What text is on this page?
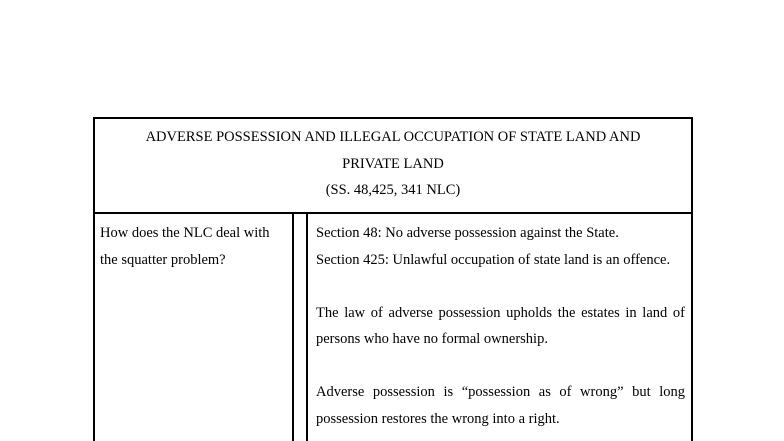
ADVERSE POSSESSION AND ILLEGAL OCCUPATION OF STATE LAND AND
PRIVATE LAND
(SS. 48,425, 341 NLC)
How does the NLC deal with the squatter problem?

Section 48: No adverse possession against the State.

Section 425: Unlawful occupation of state land is an offence.

The law of adverse possession upholds the estates in land of persons who have no formal ownership.

Adverse possession is “possession as of wrong” but long possession restores the wrong into a right.
